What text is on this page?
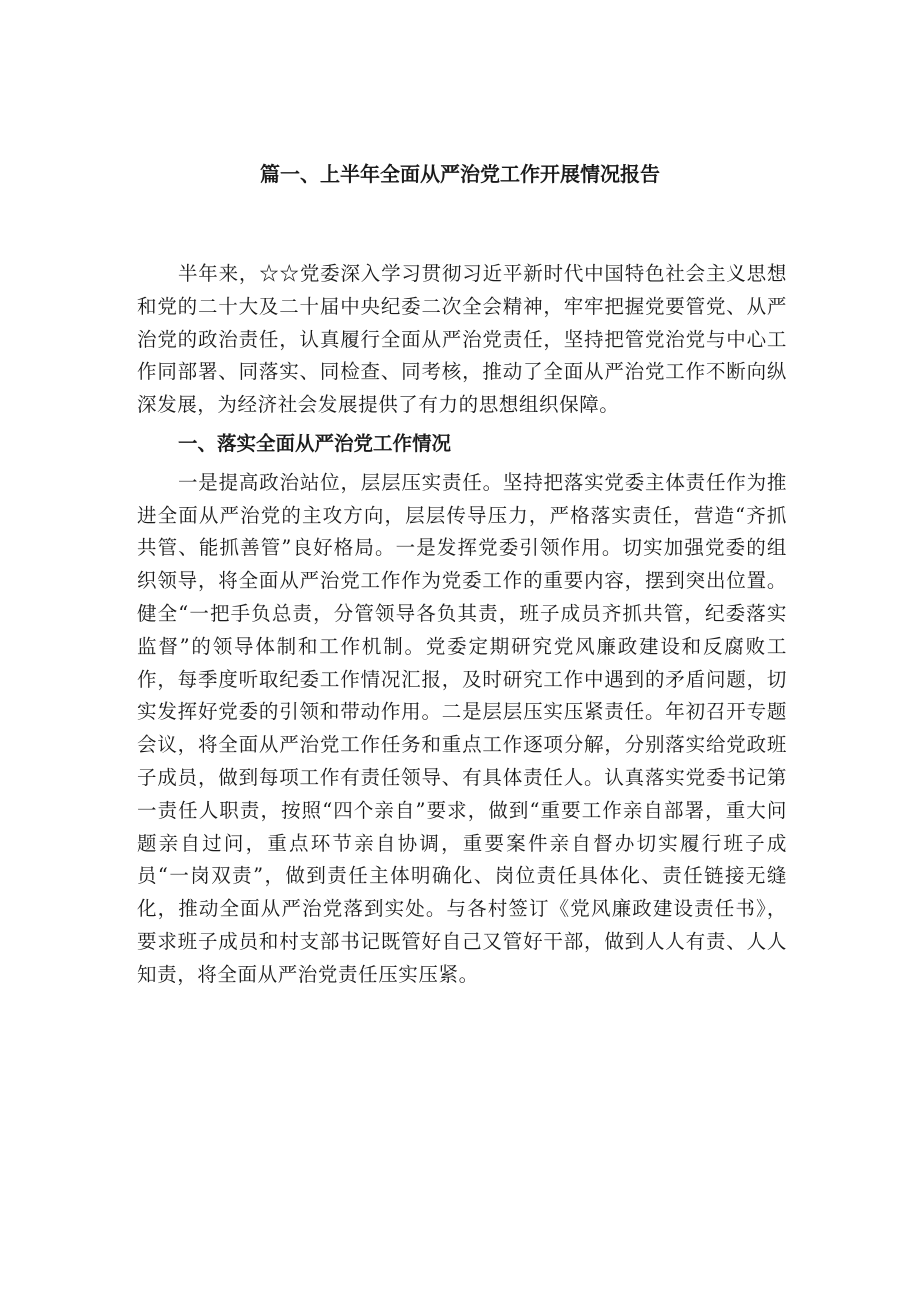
篇一、上半年全面从严治党工作开展情况报告

半年来，☆☆党委深入学习贯彻习近平新时代中国特色社会主义思想和党的二十大及二十届中央纪委二次全会精神，牢牢把握党要管党、从严治党的政治责任，认真履行全面从严治党责任，坚持把管党治党与中心工作同部署、同落实、同检查、同考核，推动了全面从严治党工作不断向纵深发展，为经济社会发展提供了有力的思想组织保障。

一、落实全面从严治党工作情况

一是提高政治站位，层层压实责任。坚持把落实党委主体责任作为推进全面从严治党的主攻方向，层层传导压力，严格落实责任，营造“齐抓共管、能抓善管”良好格局。一是发挥党委引领作用。切实加强党委的组织领导，将全面从严治党工作作为党委工作的重要内容，摆到突出位置。健全“一把手负总责，分管领导各负其责，班子成员齐抓共管，纪委落实监督”的领导体制和工作机制。党委定期研究党风廉政建设和反腐败工作，每季度听取纪委工作情况汇报，及时研究工作中遇到的矛盾问题，切实发挥好党委的引领和带动作用。二是层层压实压紧责任。年初召开专题会议，将全面从严治党工作任务和重点工作逐项分解，分别落实给党政班子成员，做到每项工作有责任领导、有具体责任人。认真落实党委书记第一责任人职责，按照“四个亲自”要求，做到“重要工作亲自部署，重大问题亲自过问，重点环节亲自协调，重要案件亲自督办切实履行班子成员“一岗双责”，做到责任主体明确化、岗位责任具体化、责任链接无缝化，推动全面从严治党落到实处。与各村签订《党风廉政建设责任书》，要求班子成员和村支部书记既管好自己又管好干部，做到人人有责、人人知责，将全面从严治党责任压实压紧。
